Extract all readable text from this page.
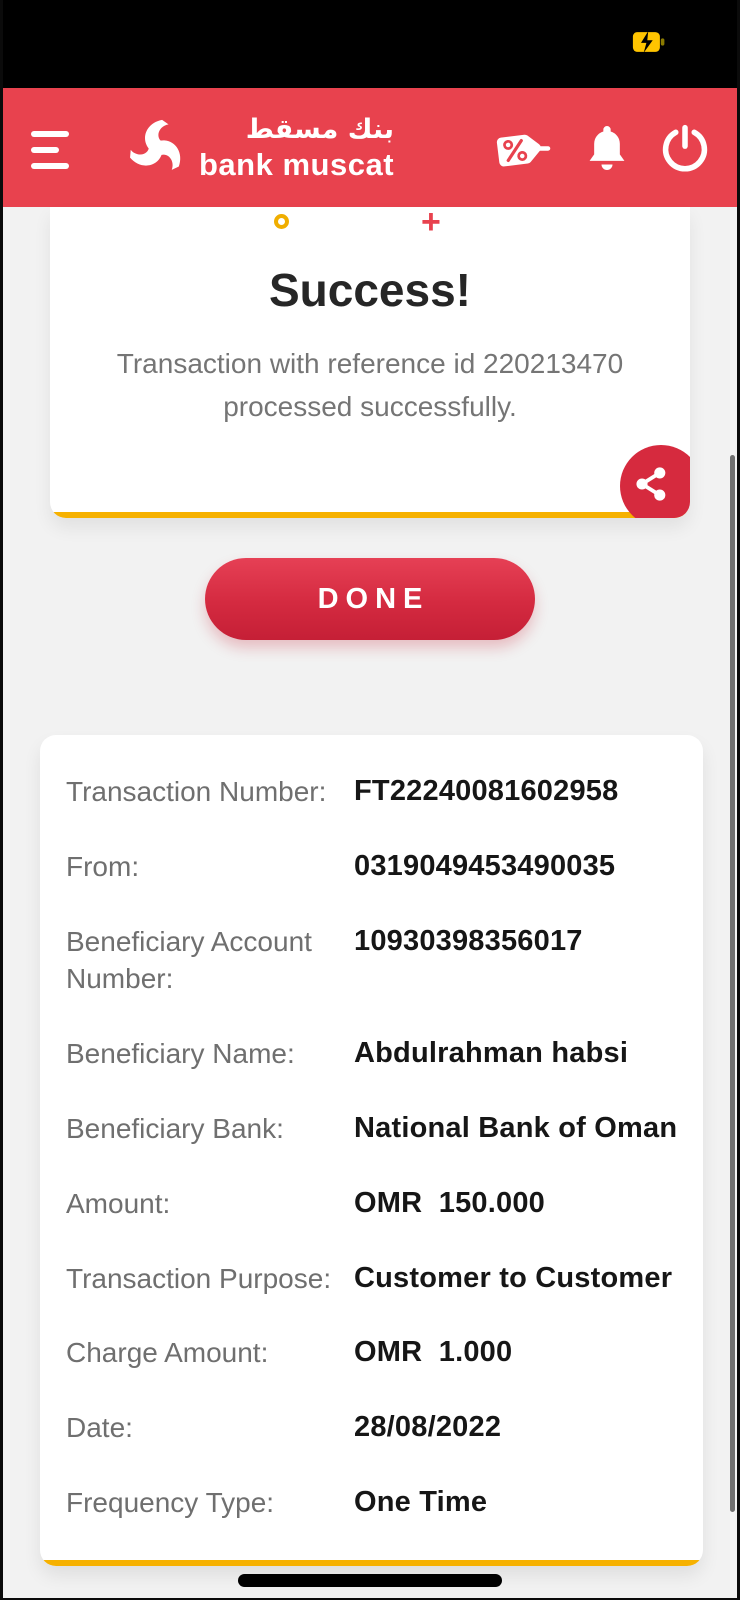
بنك مسقط
bank muscat
+
Success!
Transaction with reference id 220213470 processed successfully.
DONE
Transaction Number: FT22240081602958
From:	0319049453490035
Beneficiary Account Number:
10930398356017
Beneficiary Name:	Abdulrahman habsi
Beneficiary Bank:	National Bank of Oman
Amount:	OMR  150.000
Transaction Purpose: Customer to Customer
Charge Amount:	OMR  1.000
Date:	28/08/2022
Frequency Type:	One Time
